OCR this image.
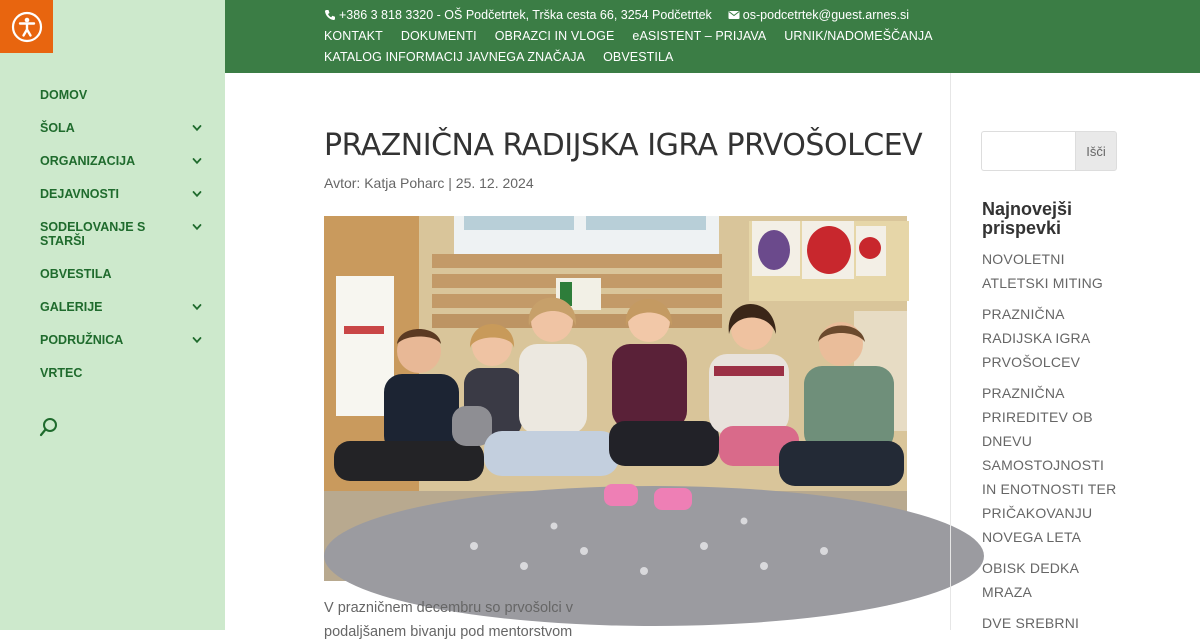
DOMOV
ŠOLA
ORGANIZACIJA
DEJAVNOSTI
SODELOVANJE S STARŠI
OBVESTILA
GALERIJE
PODRUŽNICA
VRTEC
+386 3 818 3320 - OŠ Podčetrtek, Trška cesta 66, 3254 Podčetrtek os-podcetrtek@guest.arnes.si
KONTAKT DOKUMENTI OBRAZCI IN VLOGE eASISTENT – PRIJAVA URNIK/NADOMEŠČANJA
KATALOG INFORMACIJ JAVNEGA ZNAČAJA OBVESTILA
PRAZNIČNA RADIJSKA IGRA PRVOŠOLCEV
Avtor: Katja Poharc | 25. 12. 2024

V prazničnem decembru so prvošolci v podaljšanem bivanju pod mentorstvom

Išči
Najnovejši prispevki
NOVOLETNI ATLETSKI MITING
PRAZNIČNA RADIJSKA IGRA PRVOŠOLCEV
PRAZNIČNA PRIREDITEV OB DNEVU SAMOSTOJNOSTI IN ENOTNOSTI TER PRIČAKOVANJU NOVEGA LETA
OBISK DEDKA MRAZA
DVE SREBRNI
